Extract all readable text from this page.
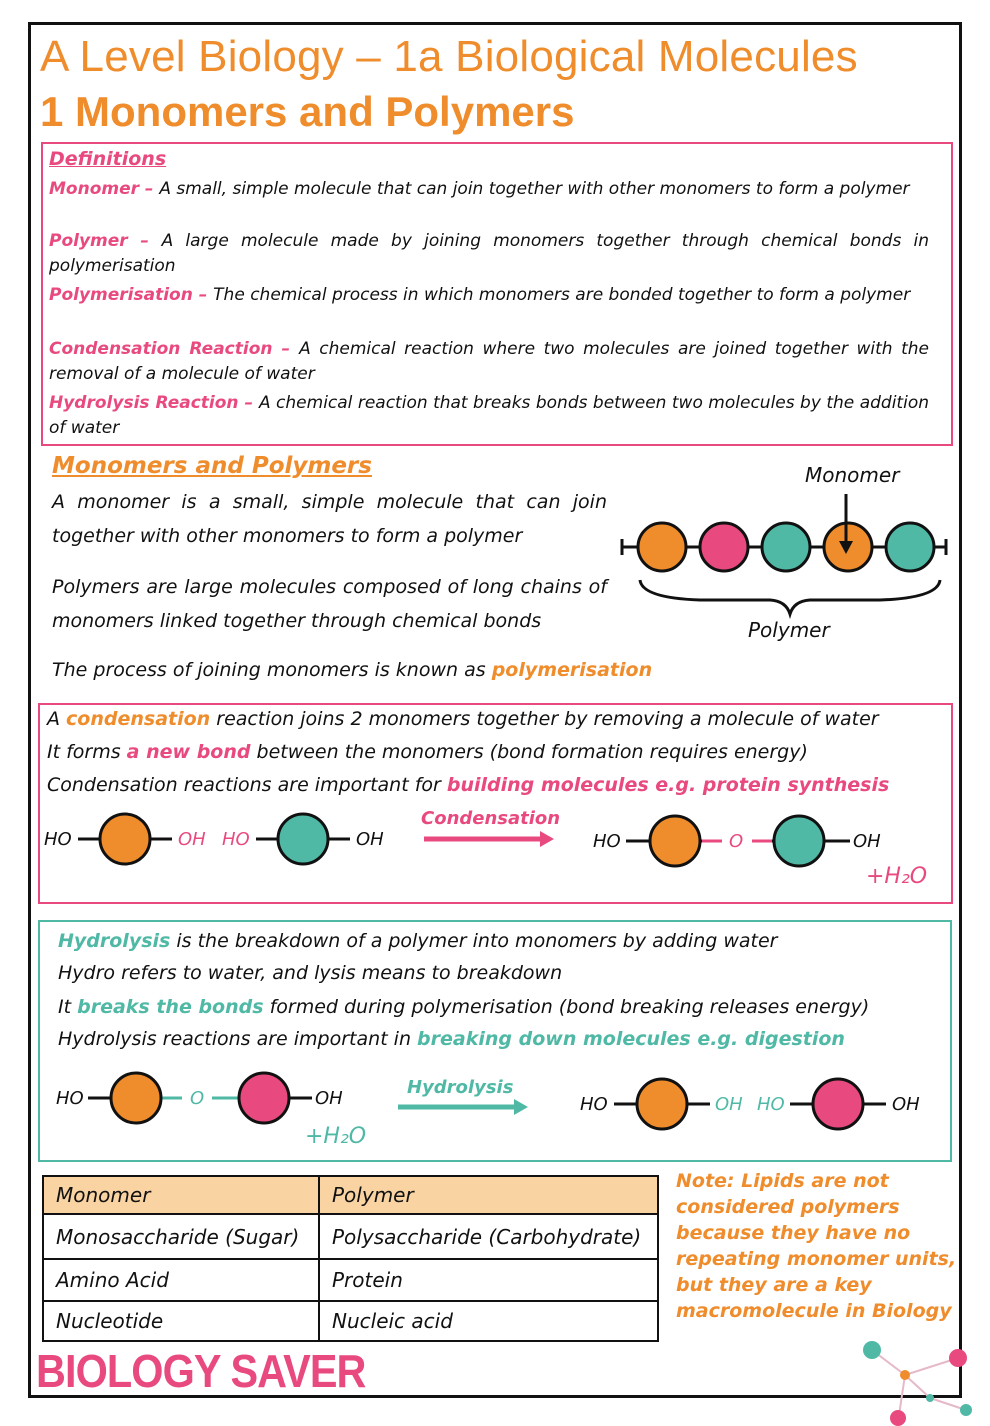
A Level Biology – 1a Biological Molecules
1 Monomers and Polymers
Definitions
Monomer – A small, simple molecule that can join together with other monomers to form a polymer
Polymer – A large molecule made by joining monomers together through chemical bonds in polymerisation
Polymerisation – The chemical process in which monomers are bonded together to form a polymer
Condensation Reaction – A chemical reaction where two molecules are joined together with the removal of a molecule of water
Hydrolysis Reaction – A chemical reaction that breaks bonds between two molecules by the addition of water
Monomers and Polymers
A monomer is a small, simple molecule that can join together with other monomers to form a polymer
Polymers are large molecules composed of long chains of monomers linked together through chemical bonds
The process of joining monomers is known as polymerisation
Monomer
Polymer
A condensation reaction joins 2 monomers together by removing a molecule of water
It forms a new bond between the monomers (bond formation requires energy)
Condensation reactions are important for building molecules e.g. protein synthesis
HO	OH HO	OH
Condensation
HO	O	OH
+H₂O
Hydrolysis is the breakdown of a polymer into monomers by adding water
Hydro refers to water, and lysis means to breakdown
It breaks the bonds formed during polymerisation (bond breaking releases energy)
Hydrolysis reactions are important in breaking down molecules e.g. digestion
HO	O	OH
+H₂O
Hydrolysis
HO	OH HO	OH
Monomer	Polymer
Monosaccharide (Sugar)	Polysaccharide (Carbohydrate)
Amino Acid	Protein
Nucleotide	Nucleic acid
Note: Lipids are not considered polymers because they have no repeating monomer units, but they are a key macromolecule in Biology
BIOLOGY SAVER
